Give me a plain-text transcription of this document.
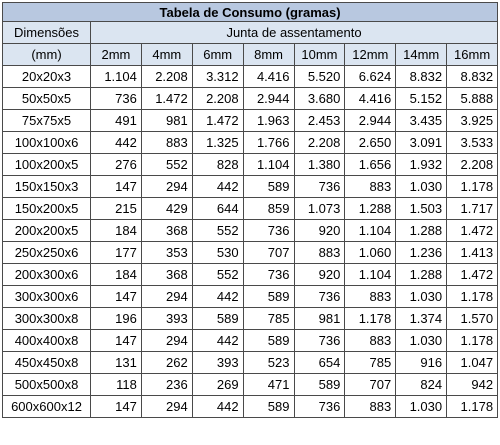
Tabela de Consumo (gramas)								
Dimensões	Junta de assentamento							
(mm)	2mm	4mm	6mm	8mm	10mm	12mm	14mm	16mm
20x20x3	1.104	2.208	3.312	4.416	5.520	6.624	8.832	8.832
50x50x5	736	1.472	2.208	2.944	3.680	4.416	5.152	5.888
75x75x5	491	981	1.472	1.963	2.453	2.944	3.435	3.925
100x100x6	442	883	1.325	1.766	2.208	2.650	3.091	3.533
100x200x5	276	552	828	1.104	1.380	1.656	1.932	2.208
150x150x3	147	294	442	589	736	883	1.030	1.178
150x200x5	215	429	644	859	1.073	1.288	1.503	1.717
200x200x5	184	368	552	736	920	1.104	1.288	1.472
250x250x6	177	353	530	707	883	1.060	1.236	1.413
200x300x6	184	368	552	736	920	1.104	1.288	1.472
300x300x6	147	294	442	589	736	883	1.030	1.178
300x300x8	196	393	589	785	981	1.178	1.374	1.570
400x400x8	147	294	442	589	736	883	1.030	1.178
450x450x8	131	262	393	523	654	785	916	1.047
500x500x8	118	236	269	471	589	707	824	942
600x600x12	147	294	442	589	736	883	1.030	1.178
